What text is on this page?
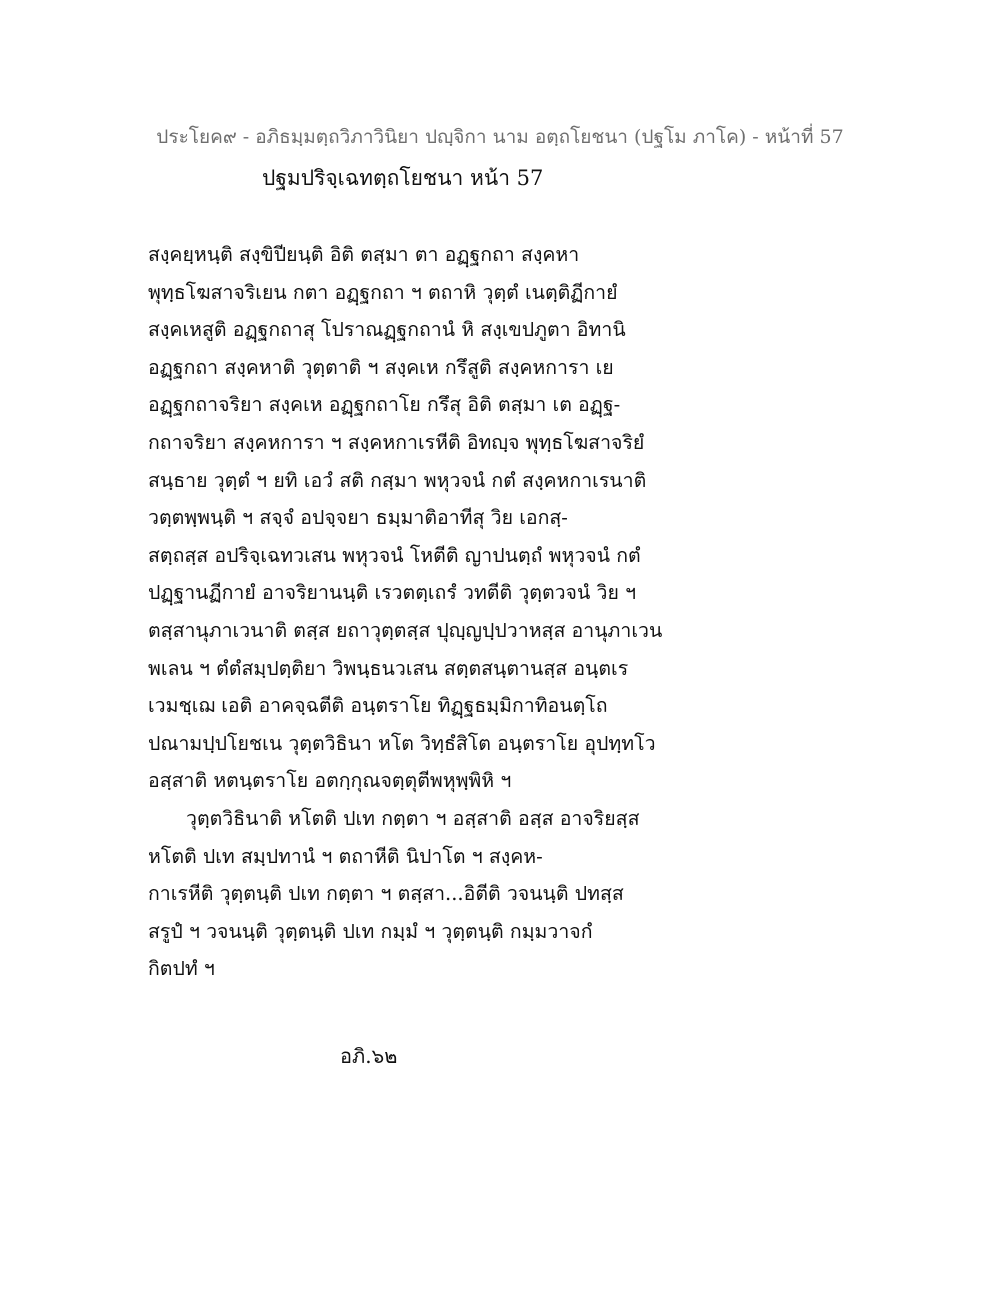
ประโยค๙ - อภิธมฺมตฺถวิภาวินิยา ปญฺจิกา นาม อตฺถโยชนา (ปฐโม ภาโค) - หน้าที่ 57
ปฐมปริจฺเฉทตฺถโยชนา หน้า 57
สงฺคยฺหนฺติ สงฺขิปียนฺติ อิติ ตสฺมา ตา อฏฺฐกถา สงฺคหา
พุทฺธโฆสาจริเยน กตา อฏฺฐกถา ฯ ตถาหิ วุตฺตํ เนตฺติฏีกายํ
สงฺคเหสูติ อฏฺฐกถาสุ โปราณฏฺฐกถานํ หิ สงฺเขปภูตา อิทานิ
อฏฺฐกถา สงฺคหาติ วุตฺตาติ ฯ สงฺคเห กรึสูติ สงฺคหการา เย
อฏฺฐกถาจริยา สงฺคเห อฏฺฐกถาโย กรึสุ อิติ ตสฺมา เต อฏฺฐ-
กถาจริยา สงฺคหการา ฯ สงฺคหกาเรหีติ อิทญฺจ พุทฺธโฆสาจริยํ
สนฺธาย วุตฺตํ ฯ ยทิ เอวํ สติ กสฺมา พหุวจนํ กตํ สงฺคหกาเรนาติ
วตฺตพฺพนฺติ ฯ สจฺจํ อปจฺจยา ธมฺมาติอาทีสุ วิย เอกสฺ-
สตฺถสฺส อปริจฺเฉทวเสน พหุวจนํ โหตีติ ญาปนตฺถํ พหุวจนํ กตํ
ปฏฺฐานฏีกายํ อาจริยานนฺติ เรวตตฺเถรํ วทตีติ วุตฺตวจนํ วิย ฯ
ตสฺสานุภาเวนาติ ตสฺส ยถาวุตฺตสฺส ปุญฺญปฺปวาหสฺส อานุภาเวน
พเลน ฯ ตํตํสมฺปตฺติยา วิพนฺธนวเสน สตฺตสนฺตานสฺส อนฺตเร
เวมชฺเฌ เอติ อาคจฺฉตีติ อนฺตราโย ทิฏฺฐธมฺมิกาทิอนตฺโถ
ปณามปฺปโยชเน วุตฺตวิธินา หโต วิทฺธํสิโต อนฺตราโย อุปทฺทโว
อสฺสาติ หตนฺตราโย อตกฺกุณจตฺตุตีพหุพฺพิหิ ฯ
วุตฺตวิธินาติ หโตติ ปเท กตฺตา ฯ อสฺสาติ อสฺส อาจริยสฺส
หโตติ ปเท สมฺปทานํ ฯ ตถาหีติ นิปาโต ฯ สงฺคห-
กาเรหีติ วุตฺตนฺติ ปเท กตฺตา ฯ ตสฺสา...อิตีติ วจนนฺติ ปทสฺส
สรูปํ ฯ วจนนฺติ วุตฺตนฺติ ปเท กมฺมํ ฯ วุตฺตนฺติ กมฺมวาจกํ
กิตปทํ ฯ
อภิ.๖๒
